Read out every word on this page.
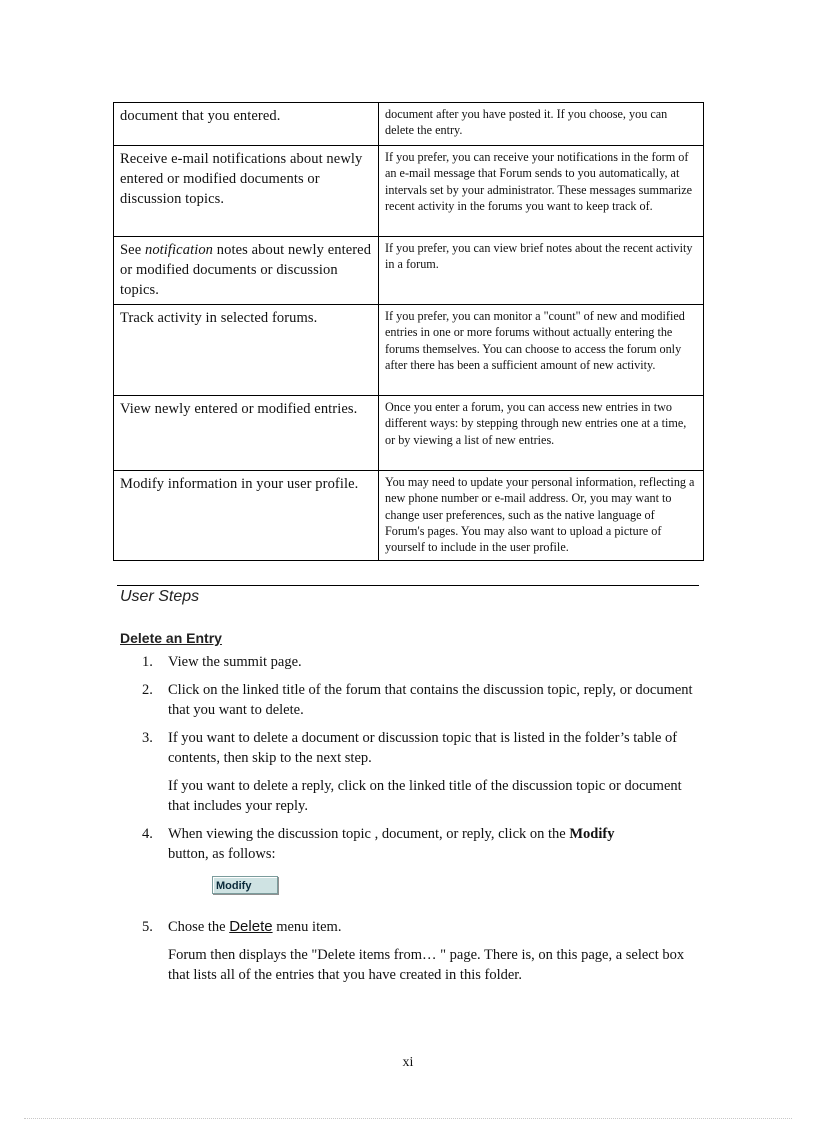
document that you entered.	document after you have posted it. If you choose, you can delete the entry.
Receive e-mail notifications about newly entered or modified documents or discussion topics.	If you prefer, you can receive your notifications in the form of an e-mail message that Forum sends to you automatically, at intervals set by your administrator. These messages summarize recent activity in the forums you want to keep track of.
See notification notes about newly entered or modified documents or discussion topics.	If you prefer, you can view brief notes about the recent activity in a forum.
Track activity in selected forums.	If you prefer, you can monitor a "count" of new and modified entries in one or more forums without actually entering the forums themselves. You can choose to access the forum only after there has been a sufficient amount of new activity.
View newly entered or modified entries.	Once you enter a forum, you can access new entries in two different ways: by stepping through new entries one at a time, or by viewing a list of new entries.
Modify information in your user profile.	You may need to update your personal information, reflecting a new phone number or e-mail address. Or, you may want to change user preferences, such as the native language of Forum's pages. You may also want to upload a picture of yourself to include in the user profile.
User Steps
Delete an Entry
1. View the summit page.

2. Click on the linked title of the forum that contains the discussion topic, reply, or document that you want to delete.

3. If you want to delete a document or discussion topic that is listed in the folder’s table of contents, then skip to the next step.

If you want to delete a reply, click on the linked title of the discussion topic or document that includes your reply.

4. When viewing the discussion topic , document, or reply, click on the Modify
button, as follows:

Modify
5. Chose the Delete menu item.

Forum then displays the "Delete items from… " page. There is, on this page, a select box that lists all of the entries that you have created in this folder.

xi
